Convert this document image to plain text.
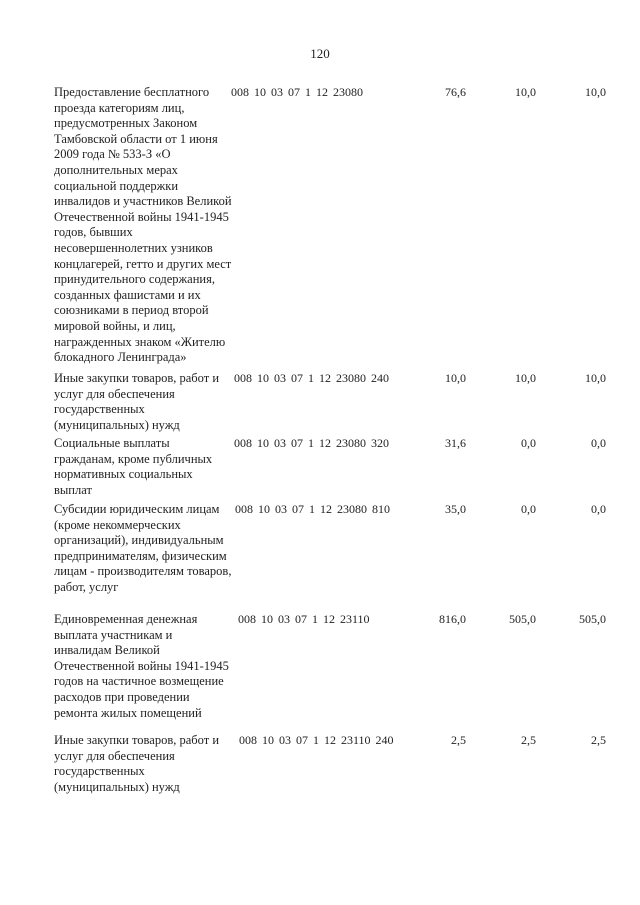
120
Предоставление бесплатного проезда категориям лиц, предусмотренных Законом Тамбовской области от 1 июня 2009 года № 533-З «О дополнительных мерах социальной поддержки инвалидов и участников Великой Отечественной войны 1941-1945 годов, бывших несовершеннолетних узников концлагерей, гетто и других мест принудительного содержания, созданных фашистами и их союзниками в период второй мировой войны, и лиц, награжденных знаком «Жителю блокадного Ленинграда»
008 10 03 07 1 12 23080	76,6	10,0	10,0
Иные закупки товаров, работ и услуг для обеспечения государственных (муниципальных) нужд
008 10 03 07 1 12 23080 240	10,0	10,0	10,0
Социальные выплаты гражданам, кроме публичных нормативных социальных выплат
008 10 03 07 1 12 23080 320	31,6	0,0	0,0
Субсидии юридическим лицам (кроме некоммерческих организаций), индивидуальным предпринимателям, физическим лицам - производителям товаров, работ, услуг
008 10 03 07 1 12 23080 810	35,0	0,0	0,0
Единовременная денежная выплата участникам и инвалидам Великой Отечественной войны 1941-1945 годов на частичное возмещение расходов при проведении ремонта жилых помещений
008 10 03 07 1 12 23110	816,0	505,0	505,0
Иные закупки товаров, работ и услуг для обеспечения государственных (муниципальных) нужд
008 10 03 07 1 12 23110 240	2,5	2,5	2,5
